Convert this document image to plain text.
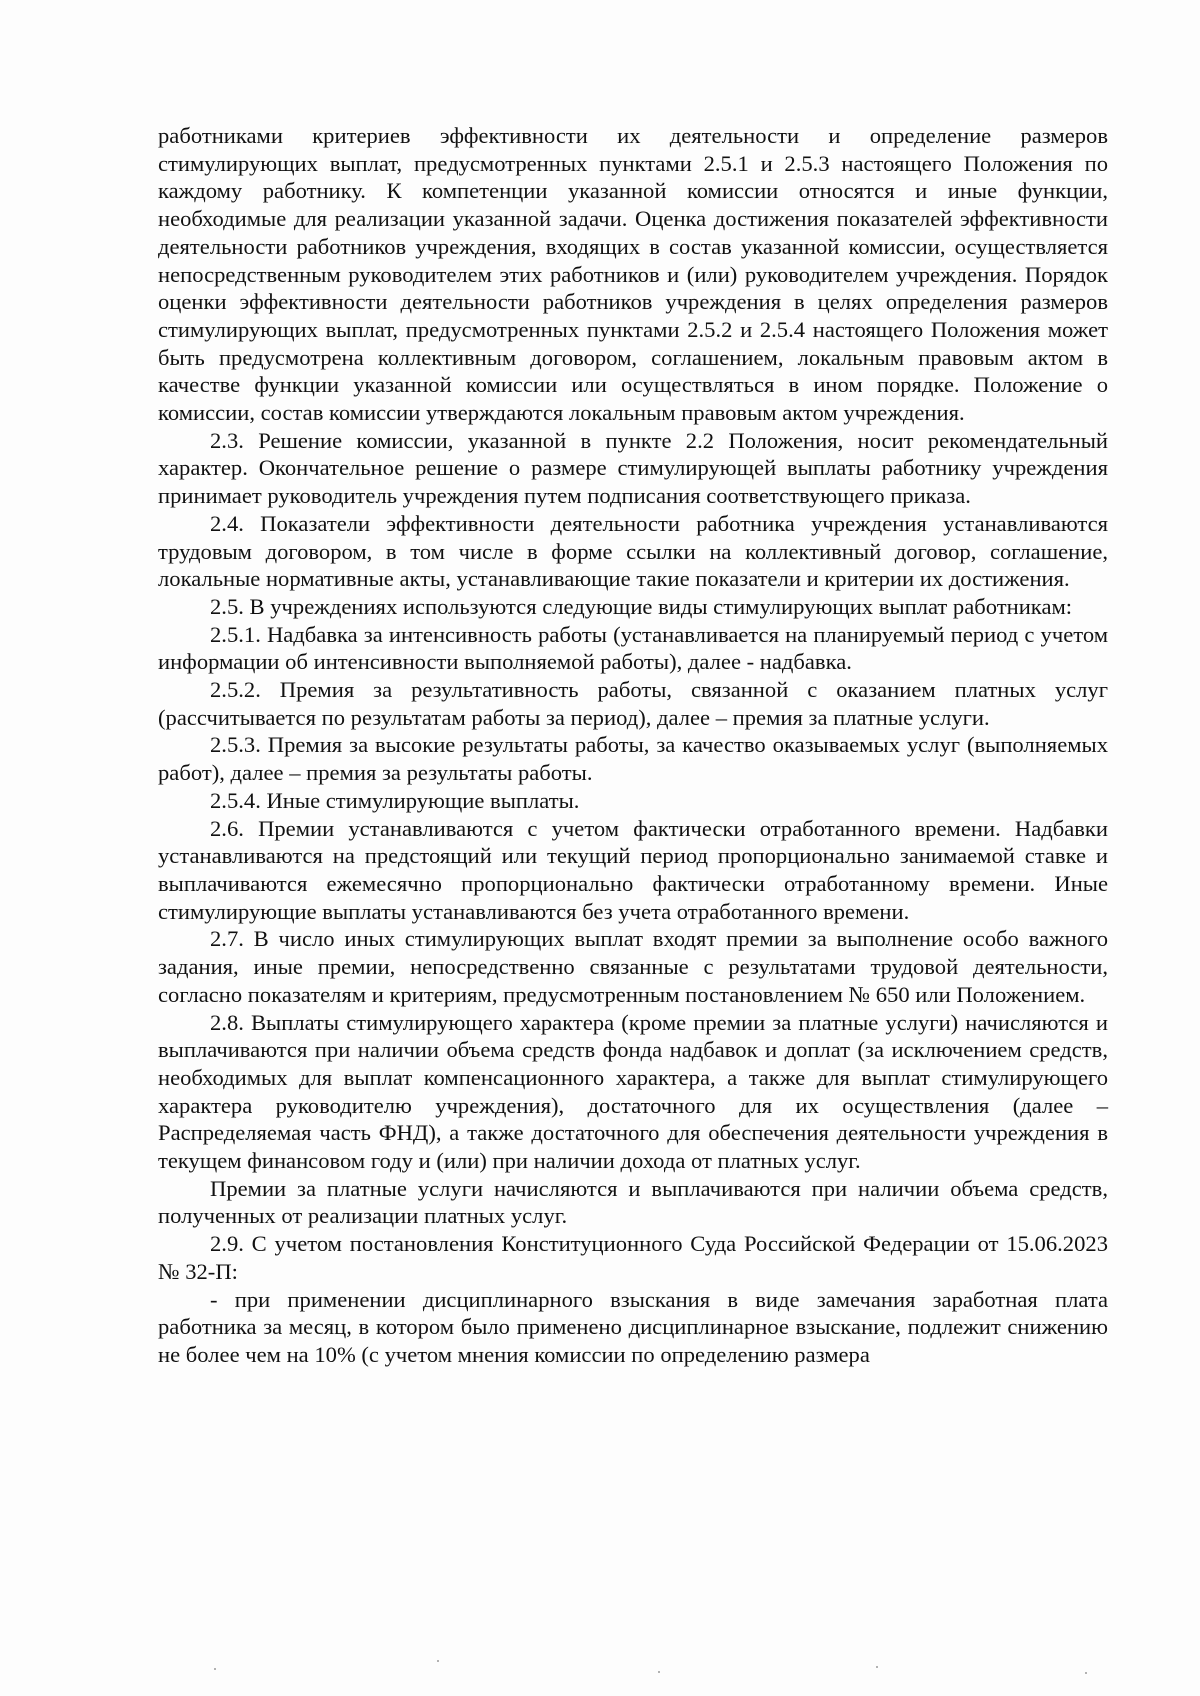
работниками критериев эффективности их деятельности и определение размеров стимулирующих выплат, предусмотренных пунктами 2.5.1 и 2.5.3 настоящего Положения по каждому работнику. К компетенции указанной комиссии относятся и иные функции, необходимые для реализации указанной задачи. Оценка достижения показателей эффективности деятельности работников учреждения, входящих в состав указанной комиссии, осуществляется непосредственным руководителем этих работников и (или) руководителем учреждения. Порядок оценки эффективности деятельности работников учреждения в целях определения размеров стимулирующих выплат, предусмотренных пунктами 2.5.2 и 2.5.4 настоящего Положения может быть предусмотрена коллективным договором, соглашением, локальным правовым актом в качестве функции указанной комиссии или осуществляться в ином порядке. Положение о комиссии, состав комиссии утверждаются локальным правовым актом учреждения.

2.3. Решение комиссии, указанной в пункте 2.2 Положения, носит рекомендательный характер. Окончательное решение о размере стимулирующей выплаты работнику учреждения принимает руководитель учреждения путем подписания соответствующего приказа.

2.4. Показатели эффективности деятельности работника учреждения устанавливаются трудовым договором, в том числе в форме ссылки на коллективный договор, соглашение, локальные нормативные акты, устанавливающие такие показатели и критерии их достижения.

2.5. В учреждениях используются следующие виды стимулирующих выплат работникам:

2.5.1. Надбавка за интенсивность работы (устанавливается на планируемый период с учетом информации об интенсивности выполняемой работы), далее - надбавка.

2.5.2. Премия за результативность работы, связанной с оказанием платных услуг (рассчитывается по результатам работы за период), далее – премия за платные услуги.

2.5.3. Премия за высокие результаты работы, за качество оказываемых услуг (выполняемых работ), далее – премия за результаты работы.

2.5.4. Иные стимулирующие выплаты.

2.6. Премии устанавливаются с учетом фактически отработанного времени. Надбавки устанавливаются на предстоящий или текущий период пропорционально занимаемой ставке и выплачиваются ежемесячно пропорционально фактически отработанному времени. Иные стимулирующие выплаты устанавливаются без учета отработанного времени.

2.7. В число иных стимулирующих выплат входят премии за выполнение особо важного задания, иные премии, непосредственно связанные с результатами трудовой деятельности, согласно показателям и критериям, предусмотренным постановлением № 650 или Положением.

2.8. Выплаты стимулирующего характера (кроме премии за платные услуги) начисляются и выплачиваются при наличии объема средств фонда надбавок и доплат (за исключением средств, необходимых для выплат компенсационного характера, а также для выплат стимулирующего характера руководителю учреждения), достаточного для их осуществления (далее – Распределяемая часть ФНД), а также достаточного для обеспечения деятельности учреждения в текущем финансовом году и (или) при наличии дохода от платных услуг.

Премии за платные услуги начисляются и выплачиваются при наличии объема средств, полученных от реализации платных услуг.

2.9. С учетом постановления Конституционного Суда Российской Федерации от 15.06.2023 № 32-П:

- при применении дисциплинарного взыскания в виде замечания заработная плата работника за месяц, в котором было применено дисциплинарное взыскание, подлежит снижению не более чем на 10% (с учетом мнения комиссии по определению размера
